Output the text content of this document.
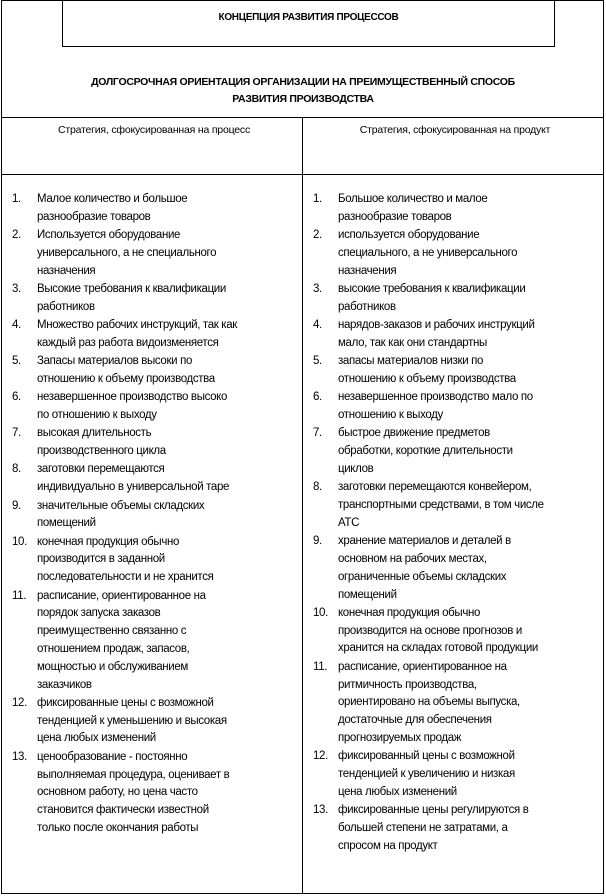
КОНЦЕПЦИЯ РАЗВИТИЯ ПРОЦЕССОВ
ДОЛГОСРОЧНАЯ ОРИЕНТАЦИЯ ОРГАНИЗАЦИИ НА ПРЕИМУЩЕСТВЕННЫЙ СПОСОБ
РАЗВИТИЯ ПРОИЗВОДСТВА
Стратегия, сфокусированная на процесс	Стратегия, сфокусированная на продукт
1. Малое количество и большое
разнообразие товаров
2. Используется оборудование
универсального, а не специального
назначения
3. Высокие требования к квалификации
работников
4. Множество рабочих инструкций, так как
каждый раз работа видоизменяется
5. Запасы материалов высоки по
отношению к объему производства
6. незавершенное производство высоко
по отношению к выходу
7. высокая длительность
производственного цикла
8. заготовки перемещаются
индивидуально в универсальной таре
9. значительные объемы складских
помещений
10. конечная продукция обычно
производится в заданной
последовательности и не хранится
11. расписание, ориентированное на
порядок запуска заказов
преимущественно связанно с
отношением продаж, запасов,
мощностью и обслуживанием
заказчиков
12. фиксированные цены с возможной
тенденцией к уменьшению и высокая
цена любых изменений
13. ценообразование - постоянно
выполняемая процедура, оценивает в
основном работу, но цена часто
становится фактически известной
только после окончания работы
1. Большое количество и малое
разнообразие товаров
2. используется оборудование
специального, а не универсального
назначения
3. высокие требования к квалификации
работников
4. нарядов-заказов и рабочих инструкций
мало, так как они стандартны
5. запасы материалов низки по
отношению к объему производства
6. незавершенное производство мало по
отношению к выходу
7. быстрое движение предметов
обработки, короткие длительности
циклов
8. заготовки перемещаются конвейером,
транспортными средствами, в том числе
АТС
9. хранение материалов и деталей в
основном на рабочих местах,
ограниченные объемы складских
помещений
10. конечная продукция обычно
производится на основе прогнозов и
хранится на складах готовой продукции
11. расписание, ориентированное на
ритмичность производства,
ориентировано на объемы выпуска,
достаточные для обеспечения
прогнозируемых продаж
12. фиксированный цены с возможной
тенденцией к увеличению и низкая
цена любых изменений
13. фиксированные цены регулируются в
большей степени не затратами, а
спросом на продукт
